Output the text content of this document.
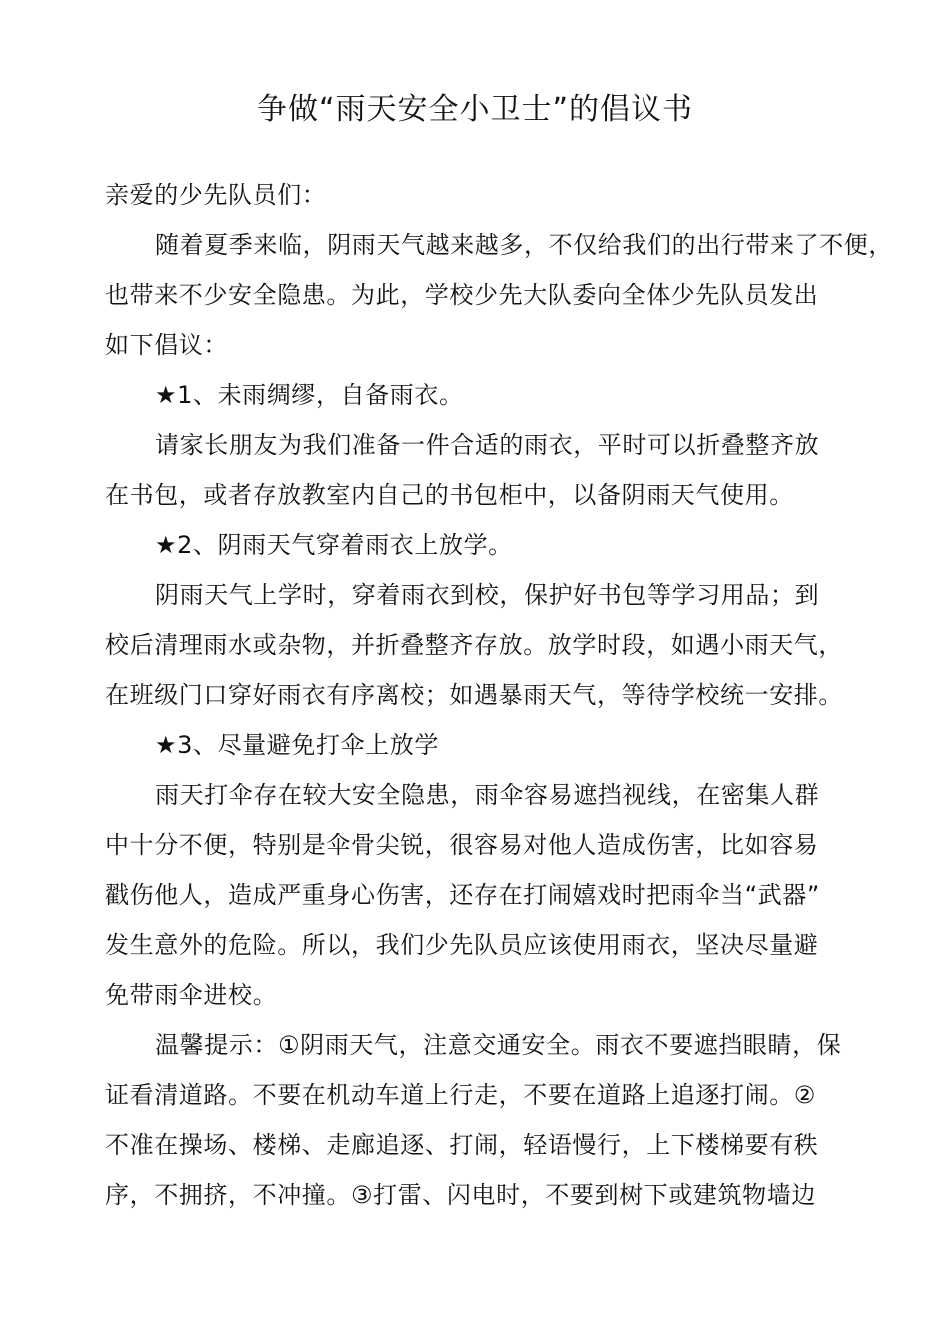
争做“雨天安全小卫士”的倡议书
亲爱的少先队员们：
随着夏季来临，阴雨天气越来越多，不仅给我们的出行带来了不便，
也带来不少安全隐患。为此，学校少先大队委向全体少先队员发出
如下倡议：
★1、未雨绸缪，自备雨衣。
请家长朋友为我们准备一件合适的雨衣，平时可以折叠整齐放
在书包，或者存放教室内自己的书包柜中，以备阴雨天气使用。
★2、阴雨天气穿着雨衣上放学。
阴雨天气上学时，穿着雨衣到校，保护好书包等学习用品；到
校后清理雨水或杂物，并折叠整齐存放。放学时段，如遇小雨天气，
在班级门口穿好雨衣有序离校；如遇暴雨天气，等待学校统一安排。
★3、尽量避免打伞上放学
雨天打伞存在较大安全隐患，雨伞容易遮挡视线，在密集人群
中十分不便，特别是伞骨尖锐，很容易对他人造成伤害，比如容易
戳伤他人，造成严重身心伤害，还存在打闹嬉戏时把雨伞当“武器”
发生意外的危险。所以，我们少先队员应该使用雨衣，坚决尽量避
免带雨伞进校。
温馨提示：①阴雨天气，注意交通安全。雨衣不要遮挡眼睛，保
证看清道路。不要在机动车道上行走，不要在道路上追逐打闹。②
不准在操场、楼梯、走廊追逐、打闹，轻语慢行，上下楼梯要有秩
序，不拥挤，不冲撞。③打雷、闪电时，不要到树下或建筑物墙边
